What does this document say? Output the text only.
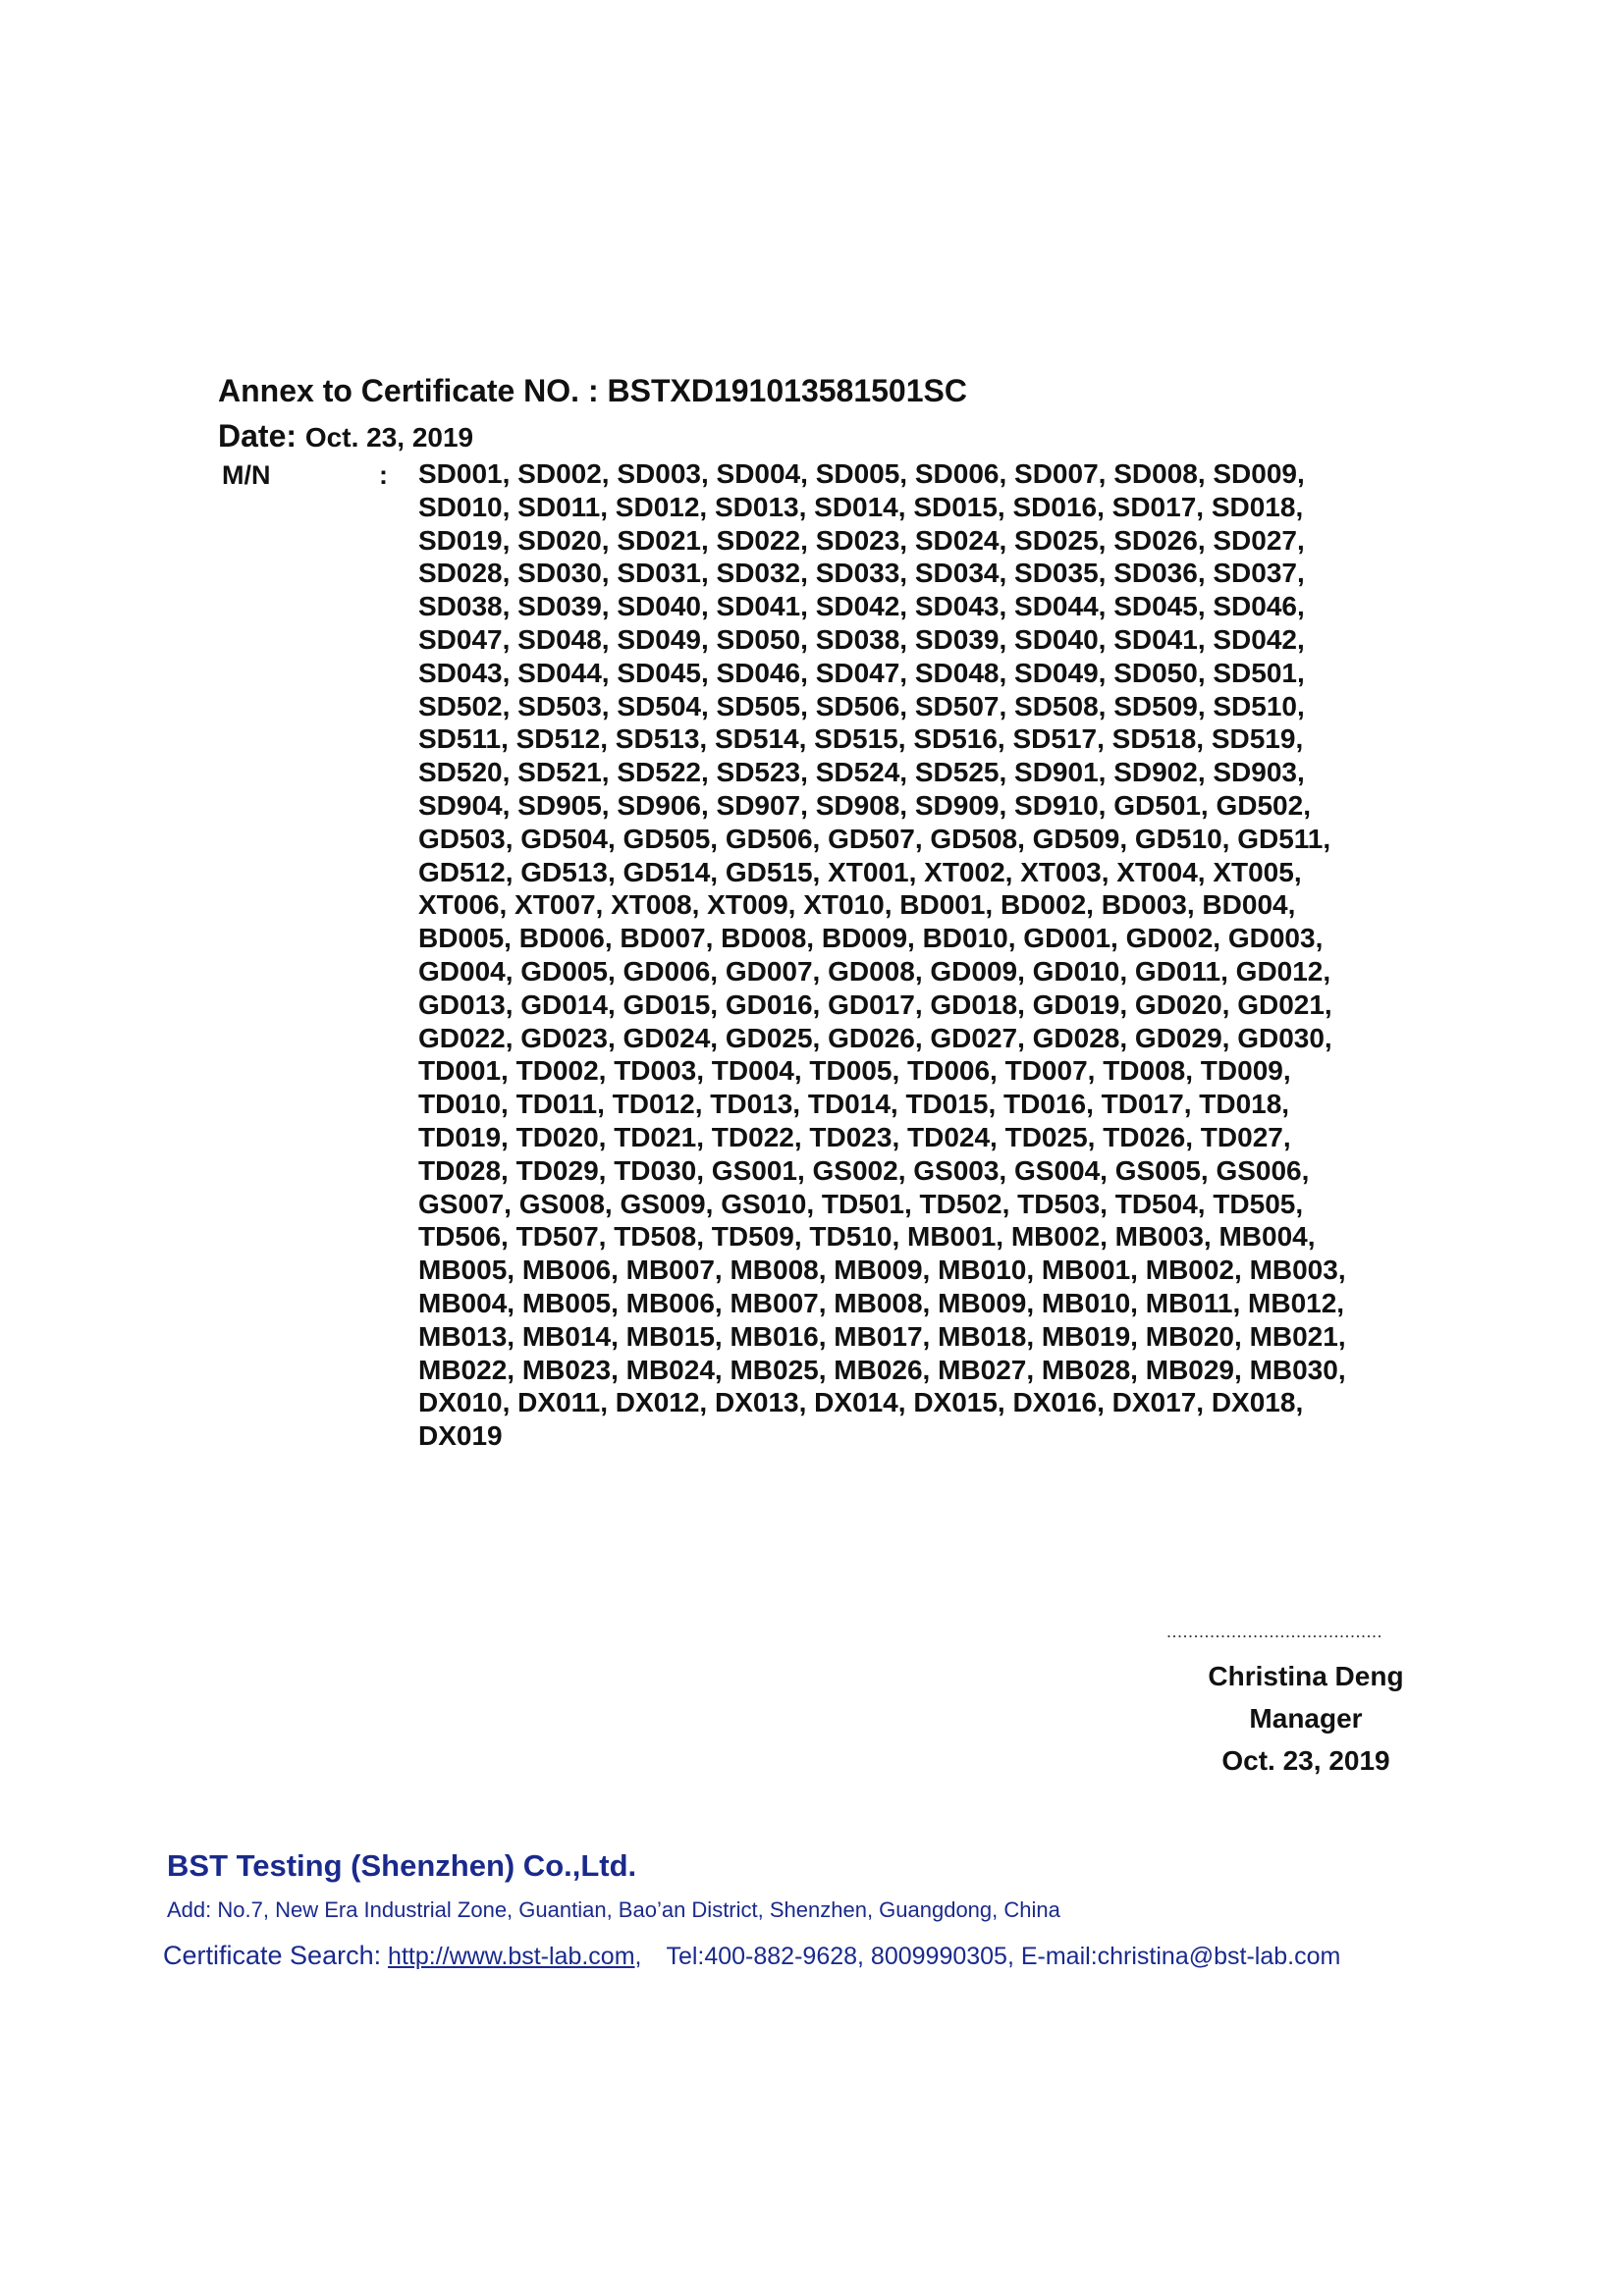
Annex to Certificate NO. : BSTXD191013581501SC
Date: Oct. 23, 2019
M/N	: SD001, SD002, SD003, SD004, SD005, SD006, SD007, SD008, SD009,
SD010, SD011, SD012, SD013, SD014, SD015, SD016, SD017, SD018,
SD019, SD020, SD021, SD022, SD023, SD024, SD025, SD026, SD027,
SD028, SD030, SD031, SD032, SD033, SD034, SD035, SD036, SD037,
SD038, SD039, SD040, SD041, SD042, SD043, SD044, SD045, SD046,
SD047, SD048, SD049, SD050, SD038, SD039, SD040, SD041, SD042,
SD043, SD044, SD045, SD046, SD047, SD048, SD049, SD050, SD501,
SD502, SD503, SD504, SD505, SD506, SD507, SD508, SD509, SD510,
SD511, SD512, SD513, SD514, SD515, SD516, SD517, SD518, SD519,
SD520, SD521, SD522, SD523, SD524, SD525, SD901, SD902, SD903,
SD904, SD905, SD906, SD907, SD908, SD909, SD910, GD501, GD502,
GD503, GD504, GD505, GD506, GD507, GD508, GD509, GD510, GD511,
GD512, GD513, GD514, GD515, XT001, XT002, XT003, XT004, XT005,
XT006, XT007, XT008, XT009, XT010, BD001, BD002, BD003, BD004,
BD005, BD006, BD007, BD008, BD009, BD010, GD001, GD002, GD003,
GD004, GD005, GD006, GD007, GD008, GD009, GD010, GD011, GD012,
GD013, GD014, GD015, GD016, GD017, GD018, GD019, GD020, GD021,
GD022, GD023, GD024, GD025, GD026, GD027, GD028, GD029, GD030,
TD001, TD002, TD003, TD004, TD005, TD006, TD007, TD008, TD009,
TD010, TD011, TD012, TD013, TD014, TD015, TD016, TD017, TD018,
TD019, TD020, TD021, TD022, TD023, TD024, TD025, TD026, TD027,
TD028, TD029, TD030, GS001, GS002, GS003, GS004, GS005, GS006,
GS007, GS008, GS009, GS010, TD501, TD502, TD503, TD504, TD505,
TD506, TD507, TD508, TD509, TD510, MB001, MB002, MB003, MB004,
MB005, MB006, MB007, MB008, MB009, MB010, MB001, MB002, MB003,
MB004, MB005, MB006, MB007, MB008, MB009, MB010, MB011, MB012,
MB013, MB014, MB015, MB016, MB017, MB018, MB019, MB020, MB021,
MB022, MB023, MB024, MB025, MB026, MB027, MB028, MB029, MB030,
DX010, DX011, DX012, DX013, DX014, DX015, DX016, DX017, DX018,
DX019
........................................
Christina Deng
Manager
Oct. 23, 2019
BST Testing (Shenzhen) Co.,Ltd.
Add: No.7, New Era Industrial Zone, Guantian, Bao’an District, Shenzhen, Guangdong, China
Certificate Search: http://www.bst-lab.com, Tel:400-882-9628, 8009990305, E-mail:christina@bst-lab.com
